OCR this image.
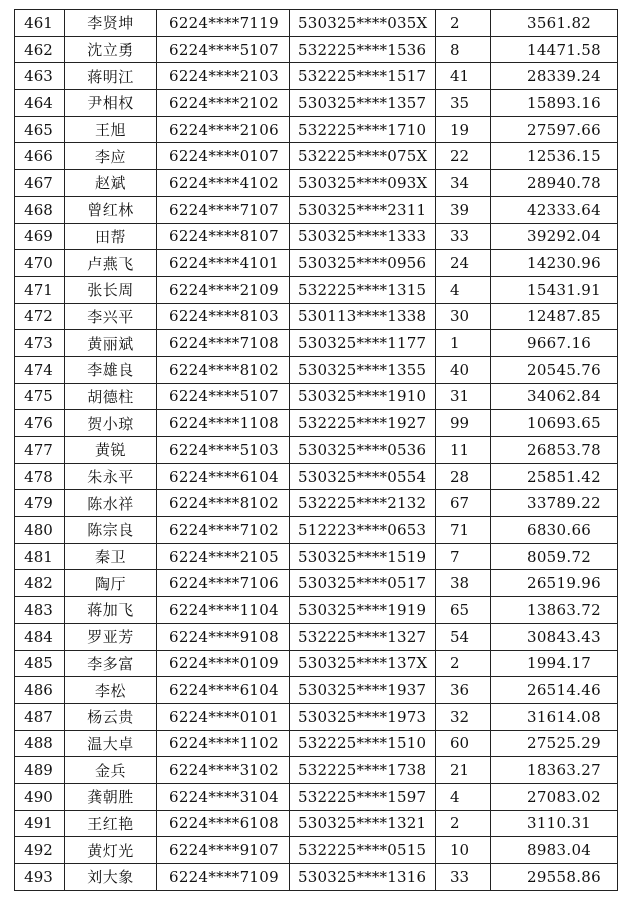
461	李贤坤	6224****7119	530325****035X	2	3561.82
462	沈立勇	6224****5107	532225****1536	8	14471.58
463	蒋明江	6224****2103	532225****1517	41	28339.24
464	尹相权	6224****2102	530325****1357	35	15893.16
465	王旭	6224****2106	532225****1710	19	27597.66
466	李应	6224****0107	532225****075X	22	12536.15
467	赵斌	6224****4102	530325****093X	34	28940.78
468	曾红林	6224****7107	530325****2311	39	42333.64
469	田帮	6224****8107	530325****1333	33	39292.04
470	卢燕飞	6224****4101	530325****0956	24	14230.96
471	张长周	6224****2109	532225****1315	4	15431.91
472	李兴平	6224****8103	530113****1338	30	12487.85
473	黄丽斌	6224****7108	530325****1177	1	9667.16
474	李雄良	6224****8102	530325****1355	40	20545.76
475	胡德柱	6224****5107	530325****1910	31	34062.84
476	贺小琼	6224****1108	532225****1927	99	10693.65
477	黄锐	6224****5103	530325****0536	11	26853.78
478	朱永平	6224****6104	530325****0554	28	25851.42
479	陈水祥	6224****8102	532225****2132	67	33789.22
480	陈宗良	6224****7102	512223****0653	71	6830.66
481	秦卫	6224****2105	530325****1519	7	8059.72
482	陶厅	6224****7106	530325****0517	38	26519.96
483	蒋加飞	6224****1104	530325****1919	65	13863.72
484	罗亚芳	6224****9108	532225****1327	54	30843.43
485	李多富	6224****0109	530325****137X	2	1994.17
486	李松	6224****6104	530325****1937	36	26514.46
487	杨云贵	6224****0101	530325****1973	32	31614.08
488	温大卓	6224****1102	532225****1510	60	27525.29
489	金兵	6224****3102	532225****1738	21	18363.27
490	龚朝胜	6224****3104	532225****1597	4	27083.02
491	王红艳	6224****6108	530325****1321	2	3110.31
492	黄灯光	6224****9107	532225****0515	10	8983.04
493	刘大象	6224****7109	530325****1316	33	29558.86
